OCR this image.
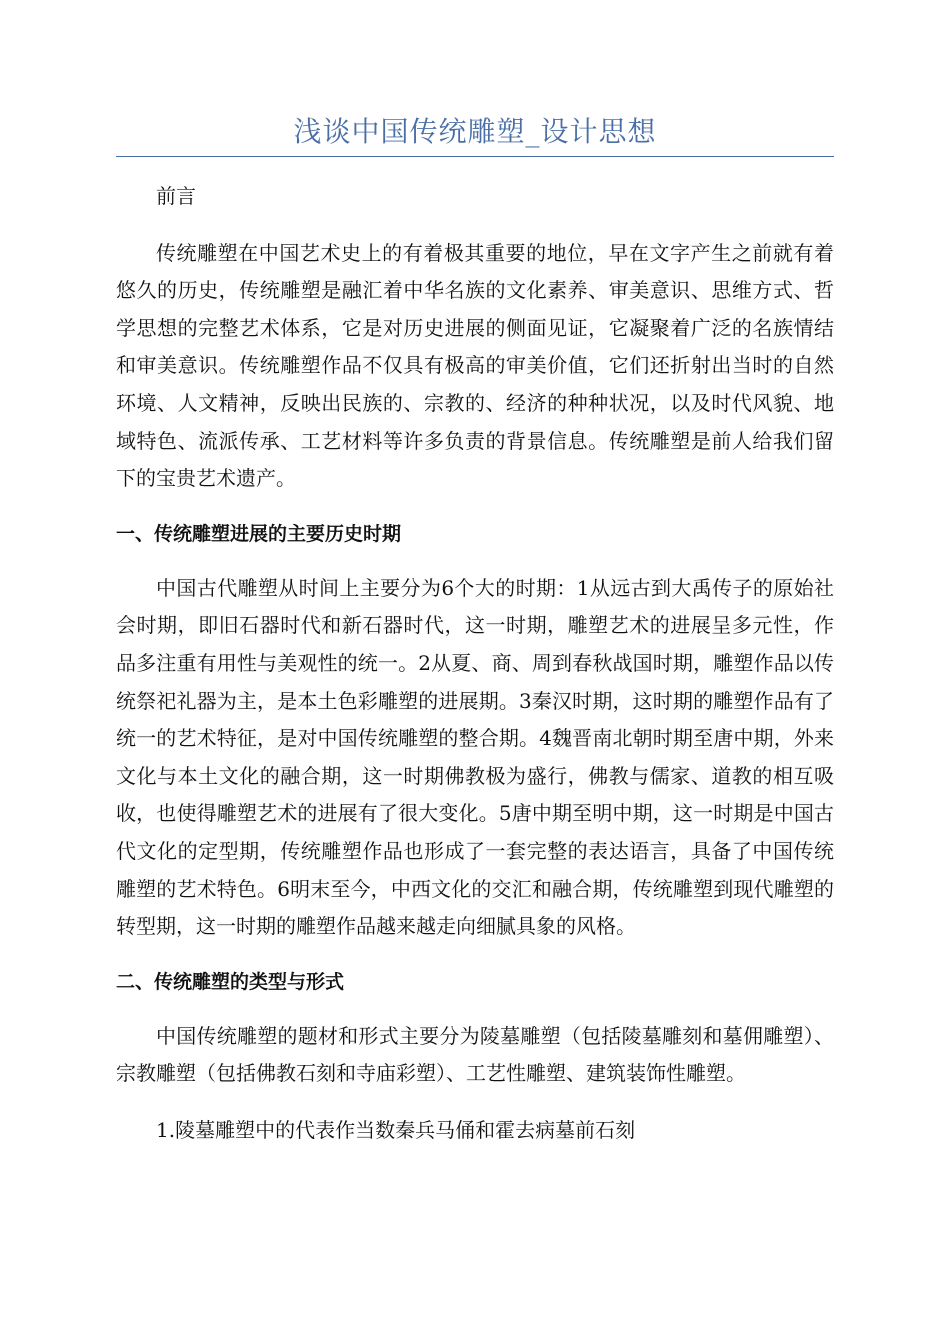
浅谈中国传统雕塑_设计思想

前言

传统雕塑在中国艺术史上的有着极其重要的地位，早在文字产生之前就有着悠久的历史，传统雕塑是融汇着中华名族的文化素养、审美意识、思维方式、哲学思想的完整艺术体系，它是对历史进展的侧面见证，它凝聚着广泛的名族情结和审美意识。传统雕塑作品不仅具有极高的审美价值，它们还折射出当时的自然环境、人文精神，反映出民族的、宗教的、经济的种种状况，以及时代风貌、地域特色、流派传承、工艺材料等许多负责的背景信息。传统雕塑是前人给我们留下的宝贵艺术遗产。

一、传统雕塑进展的主要历史时期

中国古代雕塑从时间上主要分为6个大的时期：1从远古到大禹传子的原始社会时期，即旧石器时代和新石器时代，这一时期，雕塑艺术的进展呈多元性，作品多注重有用性与美观性的统一。2从夏、商、周到春秋战国时期，雕塑作品以传统祭祀礼器为主，是本土色彩雕塑的进展期。3秦汉时期，这时期的雕塑作品有了统一的艺术特征，是对中国传统雕塑的整合期。4魏晋南北朝时期至唐中期，外来文化与本土文化的融合期，这一时期佛教极为盛行，佛教与儒家、道教的相互吸收，也使得雕塑艺术的进展有了很大变化。5唐中期至明中期，这一时期是中国古代文化的定型期，传统雕塑作品也形成了一套完整的表达语言，具备了中国传统雕塑的艺术特色。6明末至今，中西文化的交汇和融合期，传统雕塑到现代雕塑的转型期，这一时期的雕塑作品越来越走向细腻具象的风格。

二、传统雕塑的类型与形式

中国传统雕塑的题材和形式主要分为陵墓雕塑（包括陵墓雕刻和墓佣雕塑）、宗教雕塑（包括佛教石刻和寺庙彩塑）、工艺性雕塑、建筑装饰性雕塑。

1.陵墓雕塑中的代表作当数秦兵马俑和霍去病墓前石刻
